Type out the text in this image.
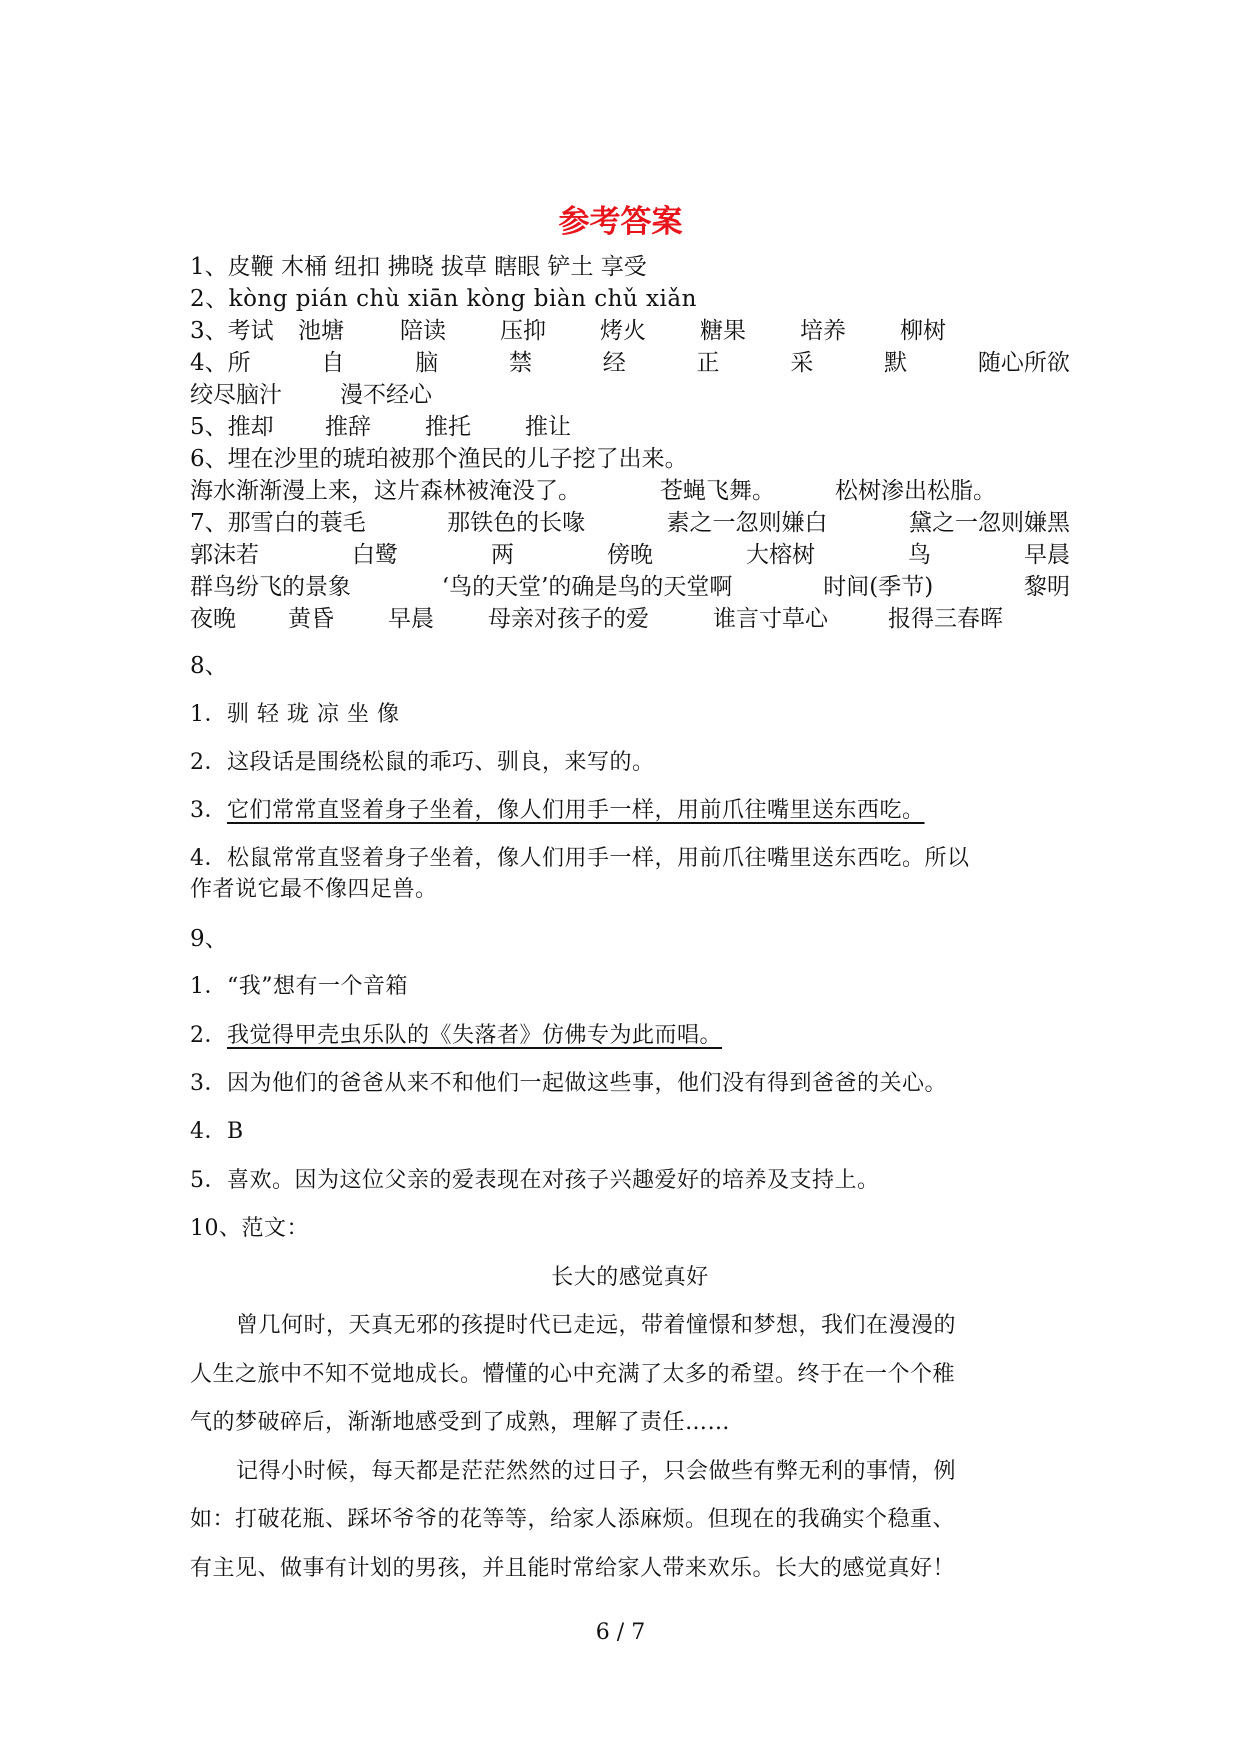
参考答案
1、皮鞭 木桶 纽扣 拂晓 拔草 瞎眼 铲土 享受
2、kòng pián chù xiān kòng biàn chǔ xiǎn
3、考试	池塘	陪读	压抑	烤火	糖果	培养	柳树
4、所	自	脑	禁	经	正	采	默	随心所欲
绞尽脑汁	漫不经心
5、推却	推辞	推托	推让
6、埋在沙里的琥珀被那个渔民的儿子挖了出来。
海水渐渐漫上来，这片森林被淹没了。	苍蝇飞舞。	松树渗出松脂。
7、那雪白的蓑毛	那铁色的长喙	素之一忽则嫌白	黛之一忽则嫌黑
郭沫若	白鹭	两	傍晚	大榕树	鸟	早晨
群鸟纷飞的景象	‘鸟的天堂’的确是鸟的天堂啊	时间(季节)	黎明
夜晚	黄昏	早晨	母亲对孩子的爱	谁言寸草心	报得三春晖
8、
1．驯 轻 珑 凉 坐 像
2．这段话是围绕松鼠的乖巧、驯良，来写的。
3．它们常常直竖着身子坐着，像人们用手一样，用前爪往嘴里送东西吃。
4．松鼠常常直竖着身子坐着，像人们用手一样，用前爪往嘴里送东西吃。所以
作者说它最不像四足兽。
9、
1．“我”想有一个音箱
2．我觉得甲壳虫乐队的《失落者》仿佛专为此而唱。
3．因为他们的爸爸从来不和他们一起做这些事，他们没有得到爸爸的关心。
4．B
5．喜欢。因为这位父亲的爱表现在对孩子兴趣爱好的培养及支持上。
10、范文：
长大的感觉真好
曾几何时，天真无邪的孩提时代已走远，带着憧憬和梦想，我们在漫漫的
人生之旅中不知不觉地成长。懵懂的心中充满了太多的希望。终于在一个个稚
气的梦破碎后，渐渐地感受到了成熟，理解了责任……
记得小时候，每天都是茫茫然然的过日子，只会做些有弊无利的事情，例
如：打破花瓶、踩坏爷爷的花等等，给家人添麻烦。但现在的我确实个稳重、
有主见、做事有计划的男孩，并且能时常给家人带来欢乐。长大的感觉真好！
6 / 7
